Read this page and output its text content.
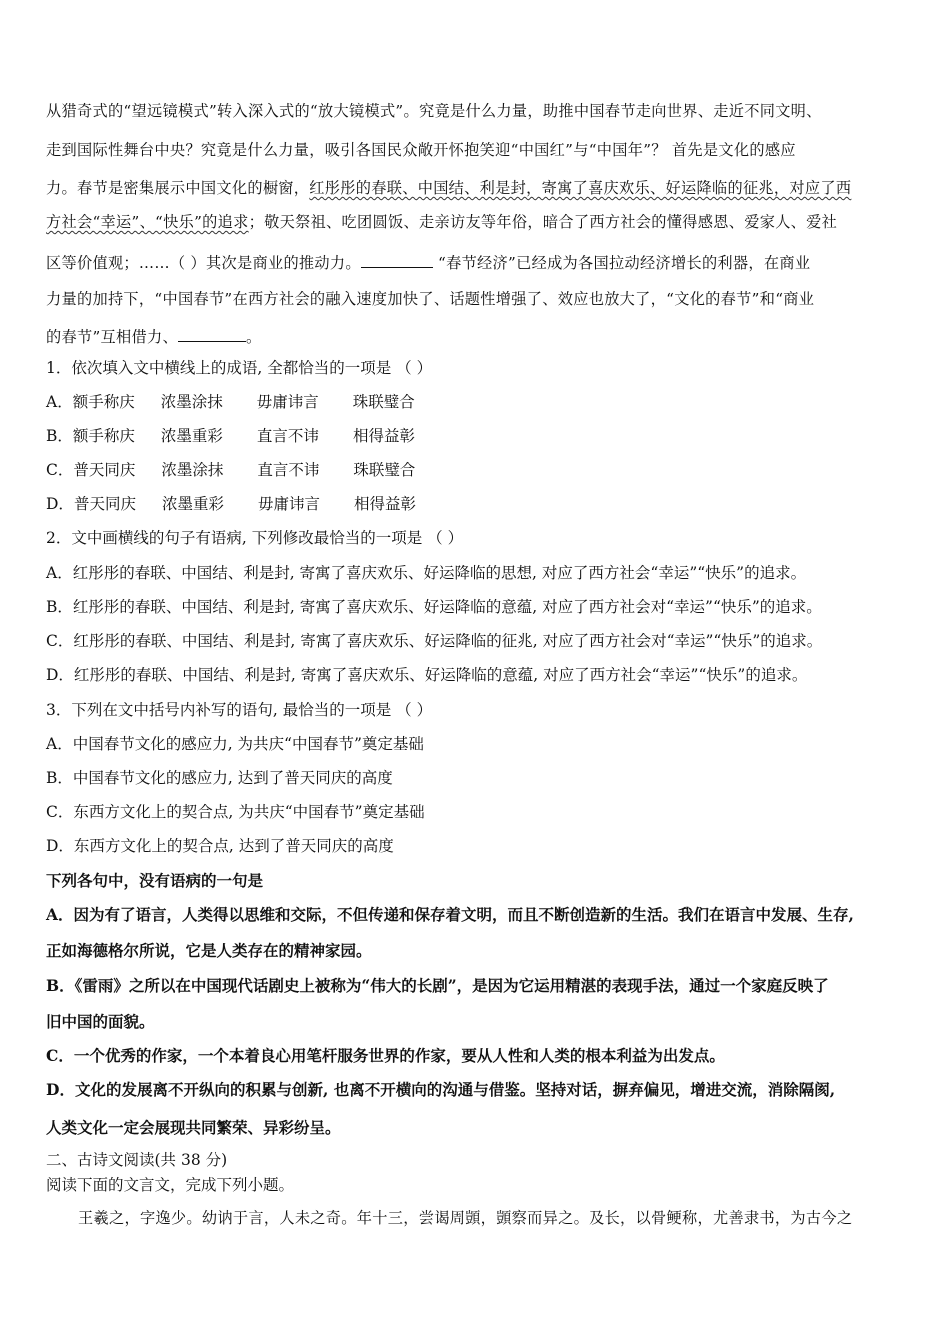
从猎奇式的“望远镜模式”转入深入式的“放大镜模式”。究竟是什么力量，助推中国春节走向世界、走近不同文明、
走到国际性舞台中央？究竟是什么力量，吸引各国民众敞开怀抱笑迎“中国红”与“中国年”？ 首先是文化的感应
力。春节是密集展示中国文化的橱窗，红彤彤的春联、中国结、利是封，寄寓了喜庆欢乐、好运降临的征兆，对应了西
方社会“幸运”、“快乐”的追求；敬天祭祖、吃团圆饭、走亲访友等年俗，暗合了西方社会的懂得感恩、爱家人、爱社
区等价值观；……（ ）其次是商业的推动力。	“春节经济”已经成为各国拉动经济增长的利器，在商业
力量的加持下，“中国春节”在西方社会的融入速度加快了、话题性增强了、效应也放大了，“文化的春节”和“商业
的春节”互相借力、	。
1．依次填入文中横线上的成语, 全都恰当的一项是 （ ）
A．额手称庆 浓墨涂抹 毋庸讳言 珠联璧合
B．额手称庆 浓墨重彩 直言不讳 相得益彰
C．普天同庆 浓墨涂抹 直言不讳 珠联璧合
D．普天同庆 浓墨重彩 毋庸讳言 相得益彰
2．文中画横线的句子有语病, 下列修改最恰当的一项是 （ ）
A．红彤彤的春联、中国结、利是封, 寄寓了喜庆欢乐、好运降临的思想, 对应了西方社会“幸运”“快乐”的追求。
B．红彤彤的春联、中国结、利是封, 寄寓了喜庆欢乐、好运降临的意蕴, 对应了西方社会对“幸运”“快乐”的追求。
C．红彤彤的春联、中国结、利是封, 寄寓了喜庆欢乐、好运降临的征兆, 对应了西方社会对“幸运”“快乐”的追求。
D．红彤彤的春联、中国结、利是封, 寄寓了喜庆欢乐、好运降临的意蕴, 对应了西方社会“幸运”“快乐”的追求。
3．下列在文中括号内补写的语句, 最恰当的一项是 （ ）
A．中国春节文化的感应力, 为共庆“中国春节”奠定基础
B．中国春节文化的感应力, 达到了普天同庆的高度
C．东西方文化上的契合点, 为共庆“中国春节”奠定基础
D．东西方文化上的契合点, 达到了普天同庆的高度
下列各句中，没有语病的一句是
A．因为有了语言，人类得以思维和交际，不但传递和保存着文明，而且不断创造新的生活。我们在语言中发展、生存,
正如海德格尔所说，它是人类存在的精神家园。
B．《雷雨》之所以在中国现代话剧史上被称为“伟大的长剧”，是因为它运用精湛的表现手法，通过一个家庭反映了
旧中国的面貌。
C．一个优秀的作家，一个本着良心用笔杆服务世界的作家，要从人性和人类的根本利益为出发点。
D．文化的发展离不开纵向的积累与创新, 也离不开横向的沟通与借鉴。坚持对话，摒弃偏见，增进交流，消除隔阂,
人类文化一定会展现共同繁荣、异彩纷呈。
二、古诗文阅读(共 38 分)
阅读下面的文言文，完成下列小题。
王羲之，字逸少。幼讷于言，人未之奇。年十三，尝谒周顗，顗察而异之。及长，以骨鲠称，尤善隶书，为古今之
